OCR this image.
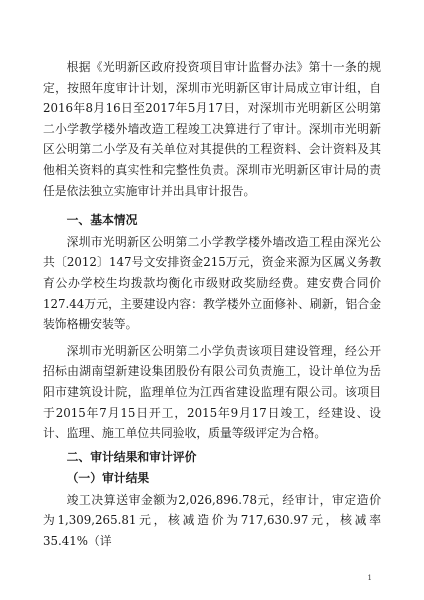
根据《光明新区政府投资项目审计监督办法》第十一条的规定，按照年度审计计划，深圳市光明新区审计局成立审计组，自2016年8月16日至2017年5月17日，对深圳市光明新区公明第二小学教学楼外墙改造工程竣工决算进行了审计。深圳市光明新区公明第二小学及有关单位对其提供的工程资料、会计资料及其他相关资料的真实性和完整性负责。深圳市光明新区审计局的责任是依法独立实施审计并出具审计报告。

一、基本情况

深圳市光明新区公明第二小学教学楼外墙改造工程由深光公共〔2012〕147号文安排资金215万元，资金来源为区属义务教育公办学校生均拨款均衡化市级财政奖励经费。建安费合同价127.44万元，主要建设内容：教学楼外立面修补、刷新，铝合金装饰格栅安装等。

深圳市光明新区公明第二小学负责该项目建设管理，经公开招标由湖南望新建设集团股份有限公司负责施工，设计单位为岳阳市建筑设计院，监理单位为江西省建设监理有限公司。该项目于2015年7月15日开工，2015年9月17日竣工，经建设、设计、监理、施工单位共同验收，质量等级评定为合格。

二、审计结果和审计评价
（一）审计结果

竣工决算送审金额为2,026,896.78元，经审计，审定造价为1,309,265.81元，核减造价为717,630.97元，核减率35.41%（详

1
